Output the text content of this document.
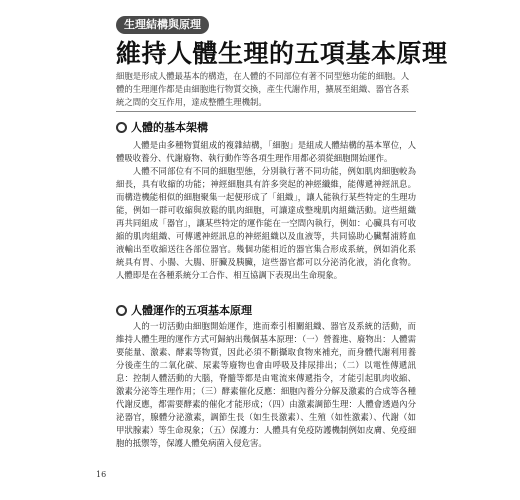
生理結構與原理
維持人體生理的五項基本原理

細胞是形成人體最基本的構造，在人體的不同部位有著不同型態功能的細胞。人體的生理運作都是由細胞進行物質交換，產生代謝作用，擴展至組織、器官各系統之間的交互作用，達成整體生理機制。

人體的基本架構

人體是由多種物質組成的複雜結構，「細胞」是組成人體結構的基本單位，人體吸收養分、代謝廢物、執行動作等各項生理作用都必須從細胞開始運作。

人體不同部位有不同的細胞型態，分別執行著不同功能，例如肌肉細胞較為細長，具有收縮的功能；神經細胞具有許多突起的神經纖維，能傳遞神經訊息。而構造機能相似的細胞聚集一起便形成了「組織」，讓人能執行某些特定的生理功能，例如一群可收縮與放鬆的肌肉細胞，可讓達成整塊肌肉組織活動。這些組織再共同組成「器官」，讓某些特定的運作能在一空間內執行，例如：心臟具有可收縮的肌肉組織、可傳遞神經訊息的神經組織以及血液等，共同協助心臟幫浦將血液輸出至收縮送往各部位器官。幾個功能相近的器官集合形成系統，例如消化系統具有胃、小腸、大腸、肝臟及胰臟，這些器官都可以分泌消化液，消化食物。人體即是在各種系統分工合作、相互協調下表現出生命現象。

人體運作的五項基本原理

人的一切活動由細胞開始運作，進而牽引相關組織、器官及系統的活動，而維持人體生理的運作方式可歸納出幾個基本原理：（一）營養進、廢物出：人體需要能量、激素、酵素等物質，因此必須不斷攝取食物來補充，而身體代謝利用養分後產生的二氧化碳、尿素等廢物也會由呼吸及排尿排出；（二）以電性傳遞訊息：控制人體活動的大腦，脊髓等都是由電流來傳遞指令，才能引起肌肉收縮、激素分泌等生理作用；（三）酵素催化反應：細胞內養分分解及激素的合成等各種代謝反應，都需要酵素的催化才能形成；（四）由激素調節生理：人體會透過內分泌器官，腺體分泌激素，調節生長（如生長激素）、生殖（如性激素）、代謝（如甲狀腺素）等生命現象；（五）保護力：人體具有免疫防護機制例如皮膚、免疫細胞的抵禦等，保護人體免病菌入侵危害。

16
